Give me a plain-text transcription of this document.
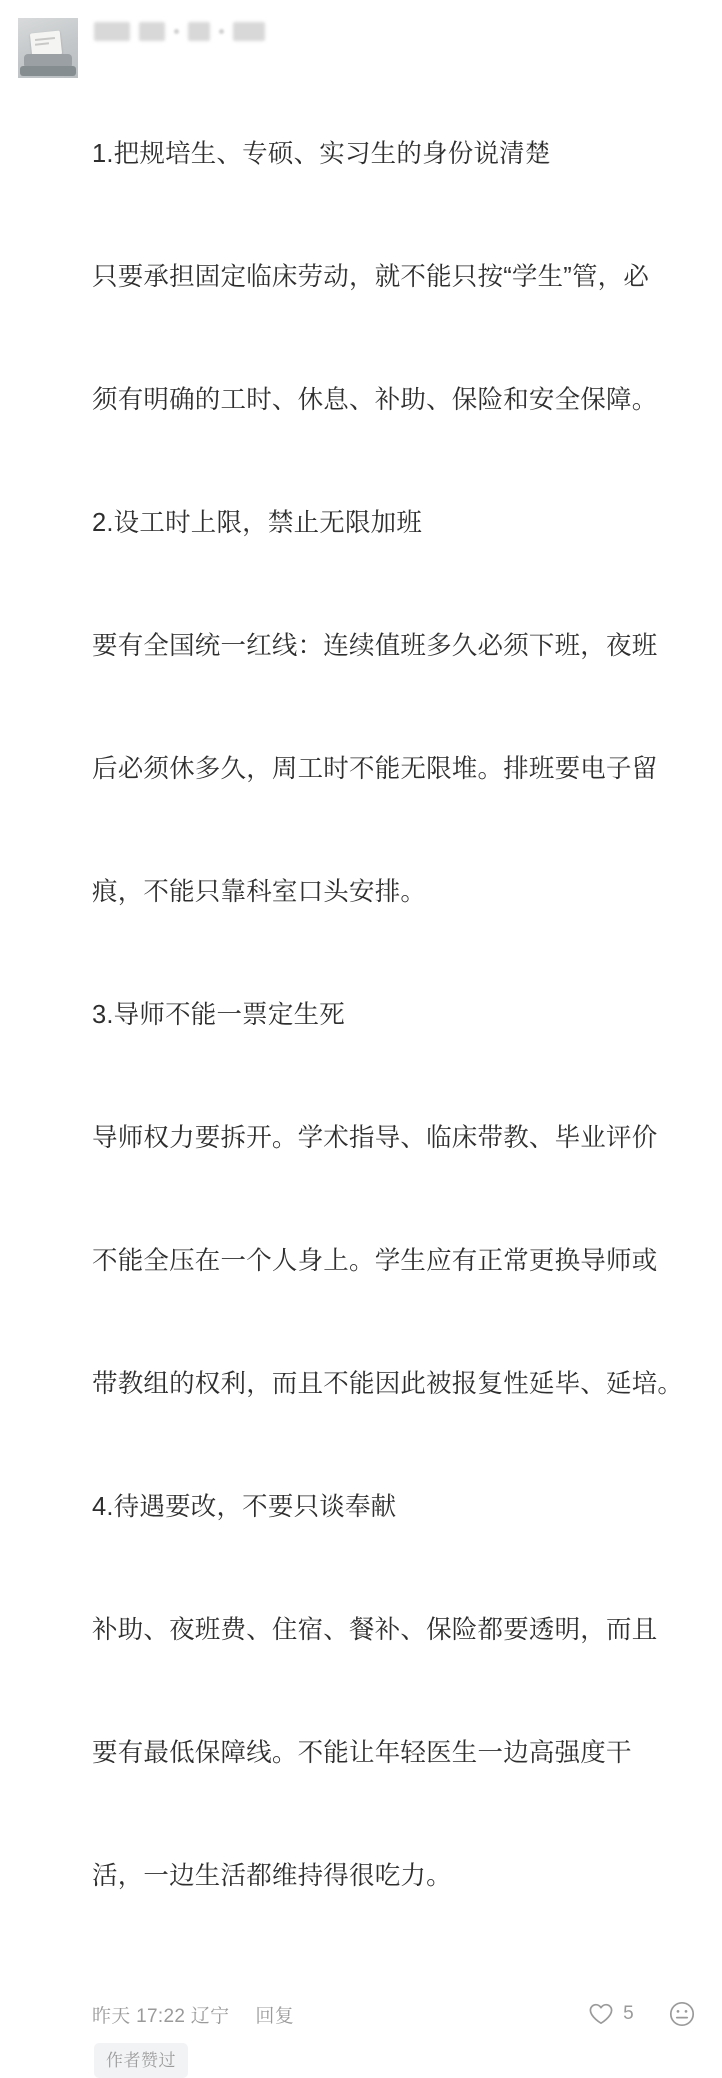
1.把规培生、专硕、实习生的身份说清楚

只要承担固定临床劳动，就不能只按“学生”管，必

须有明确的工时、休息、补助、保险和安全保障。

2.设工时上限，禁止无限加班

要有全国统一红线：连续值班多久必须下班，夜班

后必须休多久，周工时不能无限堆。排班要电子留

痕，不能只靠科室口头安排。

3.导师不能一票定生死

导师权力要拆开。学术指导、临床带教、毕业评价

不能全压在一个人身上。学生应有正常更换导师或

带教组的权利，而且不能因此被报复性延毕、延培。

4.待遇要改，不要只谈奉献

补助、夜班费、住宿、餐补、保险都要透明，而且

要有最低保障线。不能让年轻医生一边高强度干

活，一边生活都维持得很吃力。

昨天 17:22 辽宁 回复	5
作者赞过
